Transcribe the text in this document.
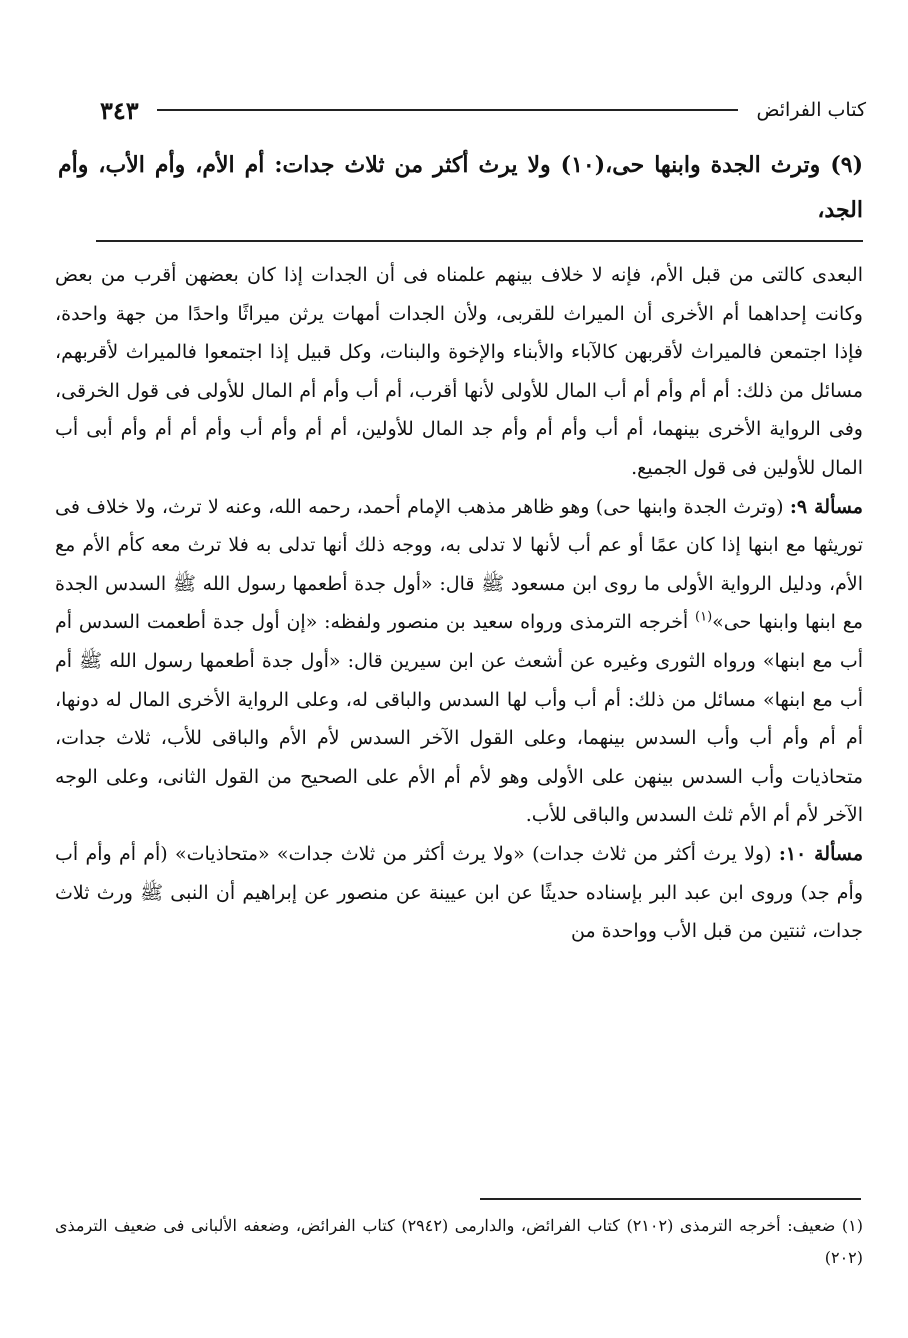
كتاب الفرائض
٣٤٣
(٩) وترث الجدة وابنها حى،(١٠) ولا يرث أكثر من ثلاث جدات: أم الأم، وأم الأب، وأم الجد،

البعدى كالتى من قبل الأم، فإنه لا خلاف بينهم علمناه فى أن الجدات إذا كان بعضهن أقرب من بعض وكانت إحداهما أم الأخرى أن الميراث للقربى، ولأن الجدات أمهات يرثن ميراثًا واحدًا من جهة واحدة، فإذا اجتمعن فالميراث لأقربهن كالآباء والأبناء والإخوة والبنات، وكل قبيل إذا اجتمعوا فالميراث لأقربهم، مسائل من ذلك: أم أم وأم أم أب المال للأولى لأنها أقرب، أم أب وأم أم المال للأولى فى قول الخرقى، وفى الرواية الأخرى بينهما، أم أب وأم أم وأم جد المال للأولين، أم أم وأم أب وأم أم أم وأم أبى أب المال للأولين فى قول الجميع.

مسألة ٩: (وترث الجدة وابنها حى) وهو ظاهر مذهب الإمام أحمد، رحمه الله، وعنه لا ترث، ولا خلاف فى توريثها مع ابنها إذا كان عمًا أو عم أب لأنها لا تدلى به، ووجه ذلك أنها تدلى به فلا ترث معه كأم الأم مع الأم، ودليل الرواية الأولى ما روى ابن مسعود ﷺ قال: «أول جدة أطعمها رسول الله ﷺ السدس الجدة مع ابنها وابنها حى»$^{(١)}$ أخرجه الترمذى ورواه سعيد بن منصور ولفظه: «إن أول جدة أطعمت السدس أم أب مع ابنها» ورواه الثورى وغيره عن أشعث عن ابن سيرين قال: «أول جدة أطعمها رسول الله ﷺ أم أب مع ابنها» مسائل من ذلك: أم أب وأب لها السدس والباقى له، وعلى الرواية الأخرى المال له دونها، أم أم وأم أب وأب السدس بينهما، وعلى القول الآخر السدس لأم الأم والباقى للأب، ثلاث جدات، متحاذيات وأب السدس بينهن على الأولى وهو لأم أم الأم على الصحيح من القول الثانى، وعلى الوجه الآخر لأم أم الأم ثلث السدس والباقى للأب.

مسألة ١٠: (ولا يرث أكثر من ثلاث جدات) «ولا يرث أكثر من ثلاث جدات» «متحاذيات» (أم أم وأم أب وأم جد) وروى ابن عبد البر بإسناده حديثًا عن ابن عيينة عن منصور عن إبراهيم أن النبى ﷺ ورث ثلاث جدات، ثنتين من قبل الأب وواحدة من

(١) ضعيف: أخرجه الترمذى (٢١٠٢) كتاب الفرائض، والدارمى (٢٩٤٢) كتاب الفرائض، وضعفه الألبانى فى ضعيف الترمذى (٢٠٢)
